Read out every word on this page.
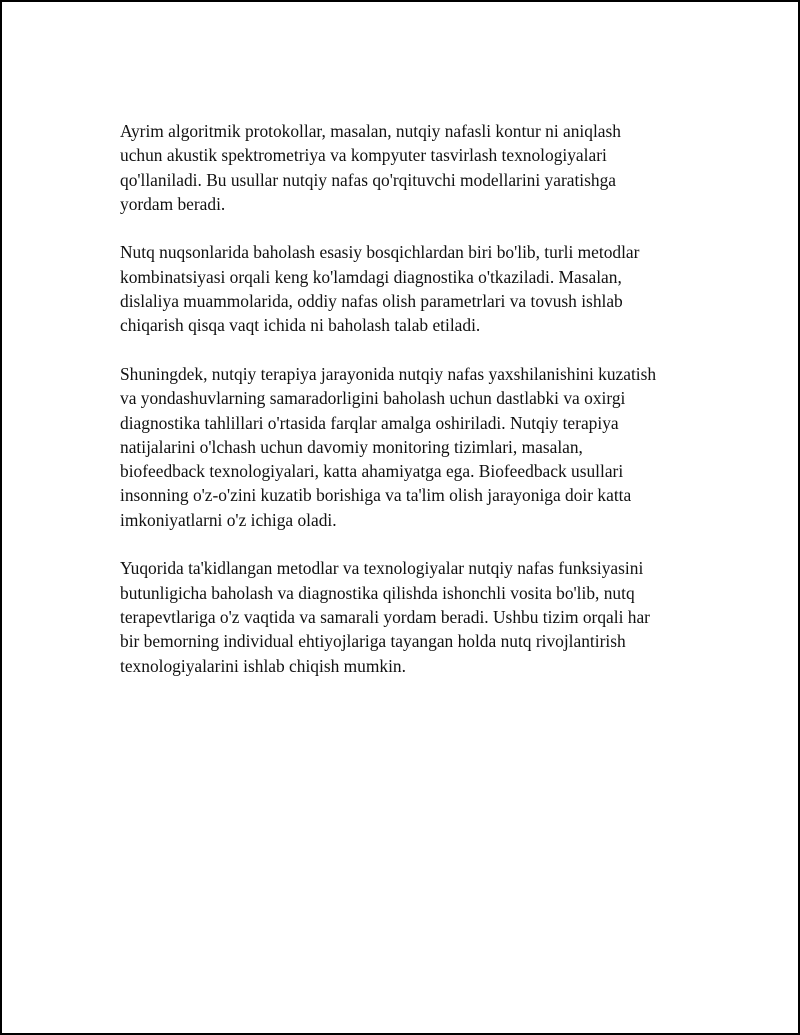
Ayrim algoritmik protokollar, masalan, nutqiy nafasli kontur ni aniqlash
uchun akustik spektrometriya va kompyuter tasvirlash texnologiyalari
qo'llaniladi. Bu usullar nutqiy nafas qo'rqituvchi modellarini yaratishga
yordam beradi.

Nutq nuqsonlarida baholash esasiy bosqichlardan biri bo'lib, turli metodlar
kombinatsiyasi orqali keng ko'lamdagi diagnostika o'tkaziladi. Masalan,
dislaliya muammolarida, oddiy nafas olish parametrlari va tovush ishlab
chiqarish qisqa vaqt ichida ni baholash talab etiladi.

Shuningdek, nutqiy terapiya jarayonida nutqiy nafas yaxshilanishini kuzatish
va yondashuvlarning samaradorligini baholash uchun dastlabki va oxirgi
diagnostika tahlillari o'rtasida farqlar amalga oshiriladi. Nutqiy terapiya
natijalarini o'lchash uchun davomiy monitoring tizimlari, masalan,
biofeedback texnologiyalari, katta ahamiyatga ega. Biofeedback usullari
insonning o'z-o'zini kuzatib borishiga va ta'lim olish jarayoniga doir katta
imkoniyatlarni o'z ichiga oladi.

Yuqorida ta'kidlangan metodlar va texnologiyalar nutqiy nafas funksiyasini
butunligicha baholash va diagnostika qilishda ishonchli vosita bo'lib, nutq
terapevtlariga o'z vaqtida va samarali yordam beradi. Ushbu tizim orqali har
bir bemorning individual ehtiyojlariga tayangan holda nutq rivojlantirish
texnologiyalarini ishlab chiqish mumkin.
